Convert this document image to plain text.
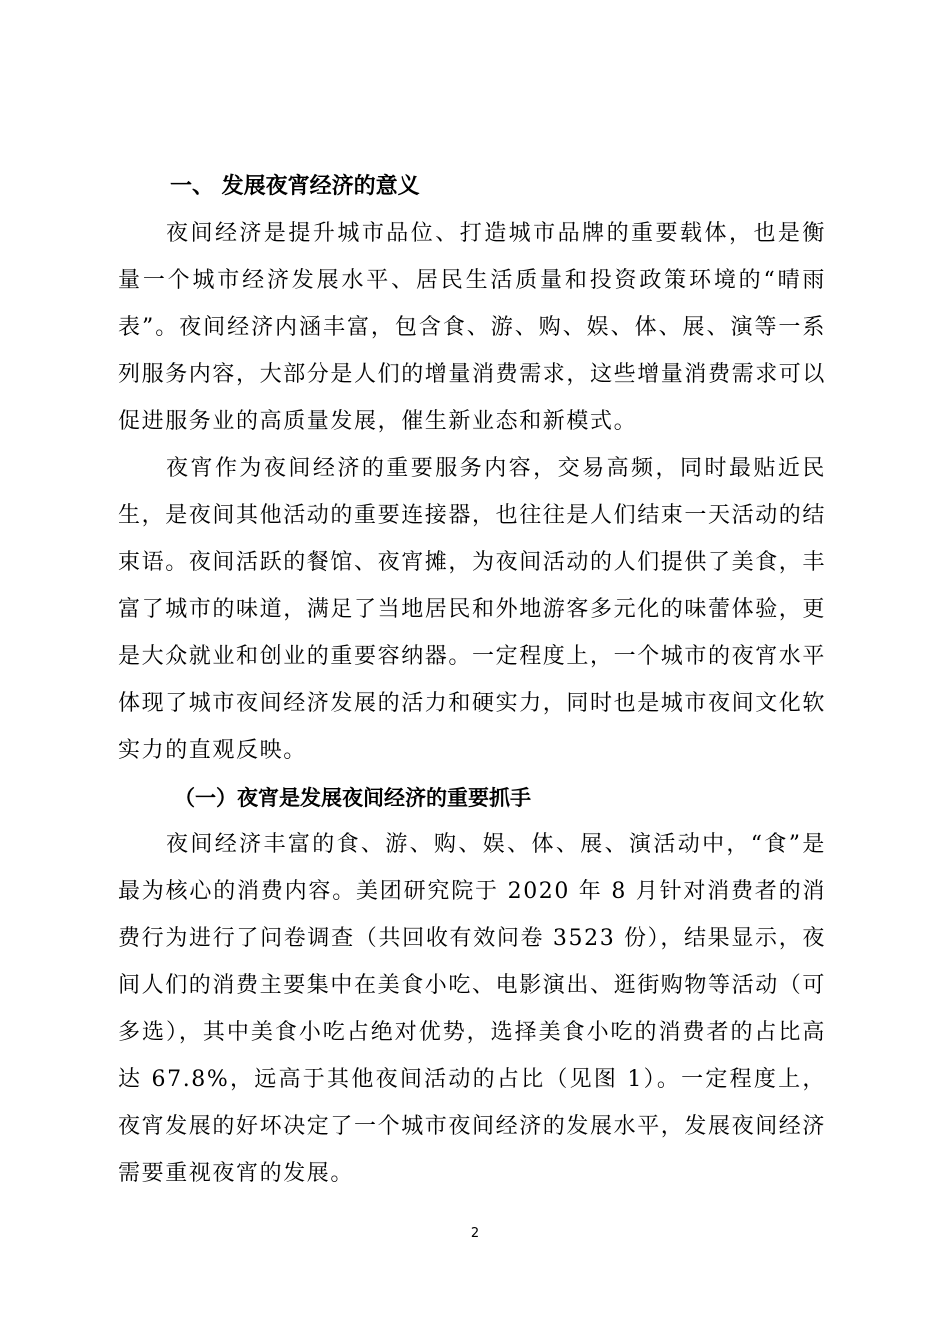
一、 发展夜宵经济的意义

夜间经济是提升城市品位、打造城市品牌的重要载体，也是衡量一个城市经济发展水平、居民生活质量和投资政策环境的“晴雨表”。夜间经济内涵丰富，包含食、游、购、娱、体、展、演等一系列服务内容，大部分是人们的增量消费需求，这些增量消费需求可以促进服务业的高质量发展，催生新业态和新模式。

夜宵作为夜间经济的重要服务内容，交易高频，同时最贴近民生，是夜间其他活动的重要连接器，也往往是人们结束一天活动的结束语。夜间活跃的餐馆、夜宵摊，为夜间活动的人们提供了美食，丰富了城市的味道，满足了当地居民和外地游客多元化的味蕾体验，更是大众就业和创业的重要容纳器。一定程度上，一个城市的夜宵水平体现了城市夜间经济发展的活力和硬实力，同时也是城市夜间文化软实力的直观反映。

（一）夜宵是发展夜间经济的重要抓手

夜间经济丰富的食、游、购、娱、体、展、演活动中，“食”是最为核心的消费内容。美团研究院于 2020 年 8 月针对消费者的消费行为进行了问卷调查（共回收有效问卷 3523 份），结果显示，夜间人们的消费主要集中在美食小吃、电影演出、逛街购物等活动（可多选），其中美食小吃占绝对优势，选择美食小吃的消费者的占比高达 67.8%，远高于其他夜间活动的占比（见图 1）。一定程度上，夜宵发展的好坏决定了一个城市夜间经济的发展水平，发展夜间经济需要重视夜宵的发展。

2
